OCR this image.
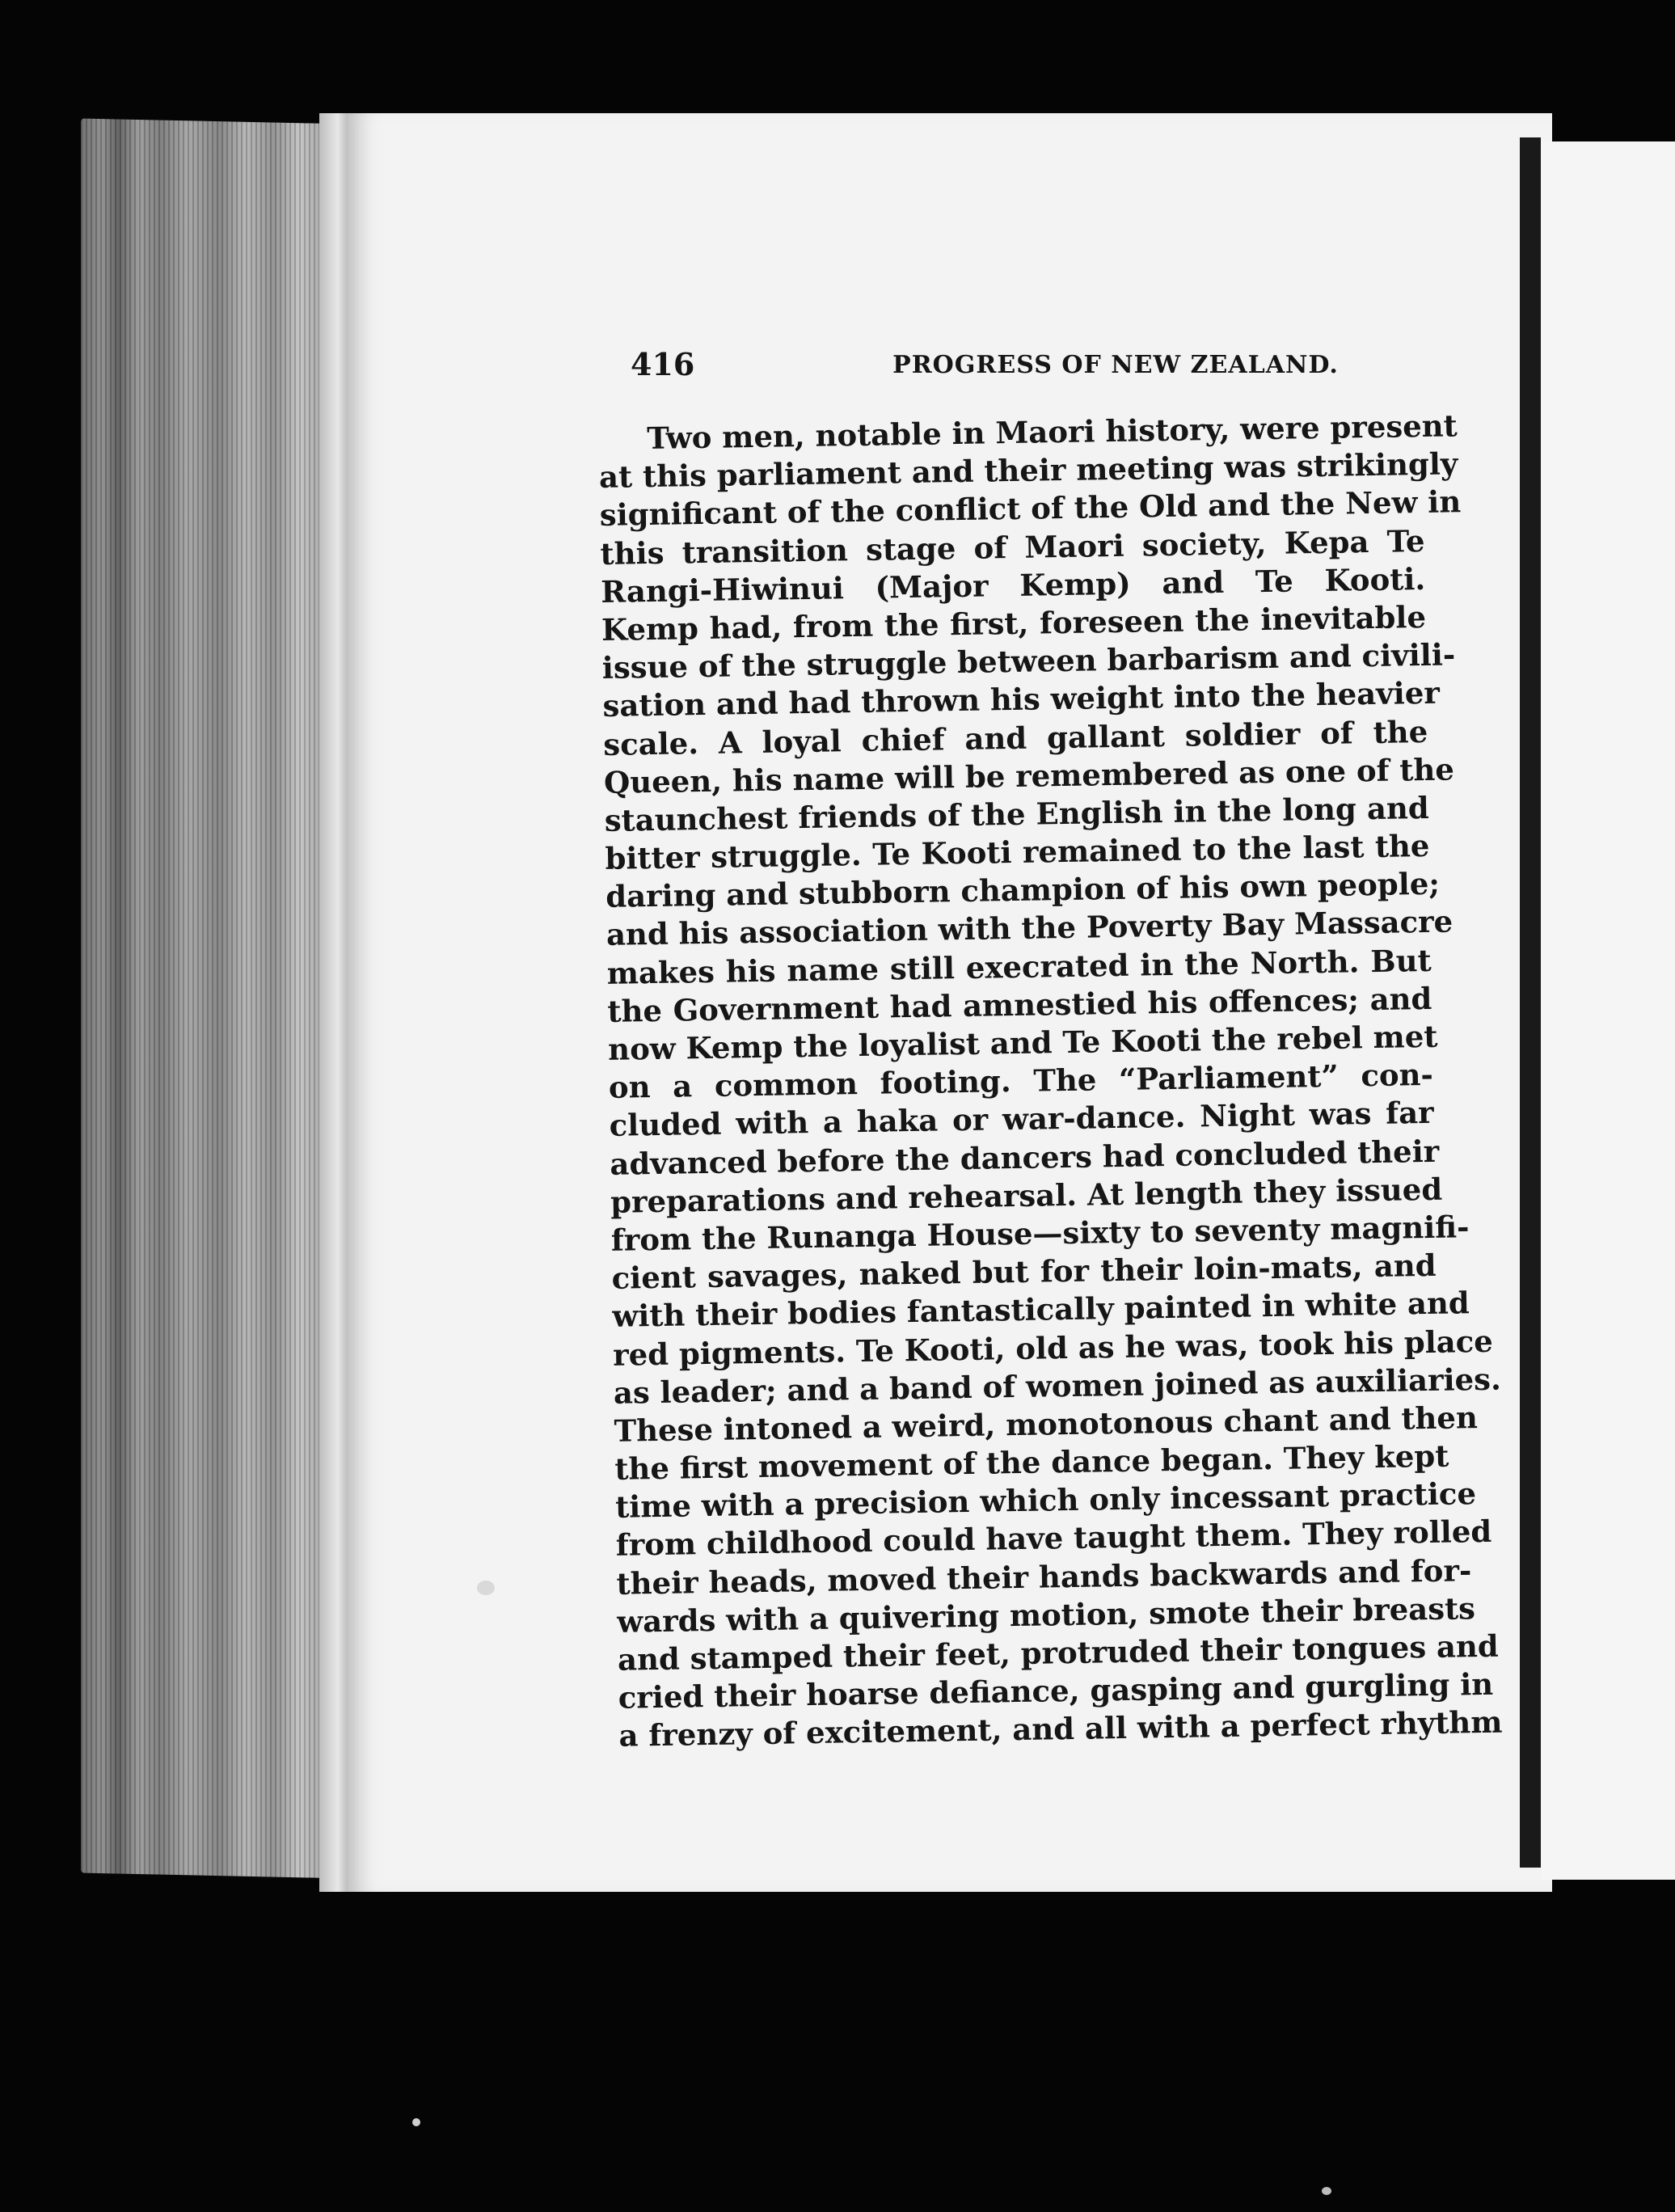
416	PROGRESS OF NEW ZEALAND.
Two men, notable in Maori history, were present
at this parliament and their meeting was strikingly
significant of the conflict of the Old and the New in
this transition stage of Maori society, Kepa Te
Rangi-Hiwinui (Major Kemp) and Te Kooti.
Kemp had, from the first, foreseen the inevitable
issue of the struggle between barbarism and civili-
sation and had thrown his weight into the heavier
scale. A loyal chief and gallant soldier of the
Queen, his name will be remembered as one of the
staunchest friends of the English in the long and
bitter struggle. Te Kooti remained to the last the
daring and stubborn champion of his own people;
and his association with the Poverty Bay Massacre
makes his name still execrated in the North. But
the Government had amnestied his offences; and
now Kemp the loyalist and Te Kooti the rebel met
on a common footing. The “Parliament” con-
cluded with a haka or war-dance. Night was far
advanced before the dancers had concluded their
preparations and rehearsal. At length they issued
from the Runanga House—sixty to seventy magnifi-
cient savages, naked but for their loin-mats, and
with their bodies fantastically painted in white and
red pigments. Te Kooti, old as he was, took his place
as leader; and a band of women joined as auxiliaries.
These intoned a weird, monotonous chant and then
the first movement of the dance began. They kept
time with a precision which only incessant practice
from childhood could have taught them. They rolled
their heads, moved their hands backwards and for-
wards with a quivering motion, smote their breasts
and stamped their feet, protruded their tongues and
cried their hoarse defiance, gasping and gurgling in
a frenzy of excitement, and all with a perfect rhythm
